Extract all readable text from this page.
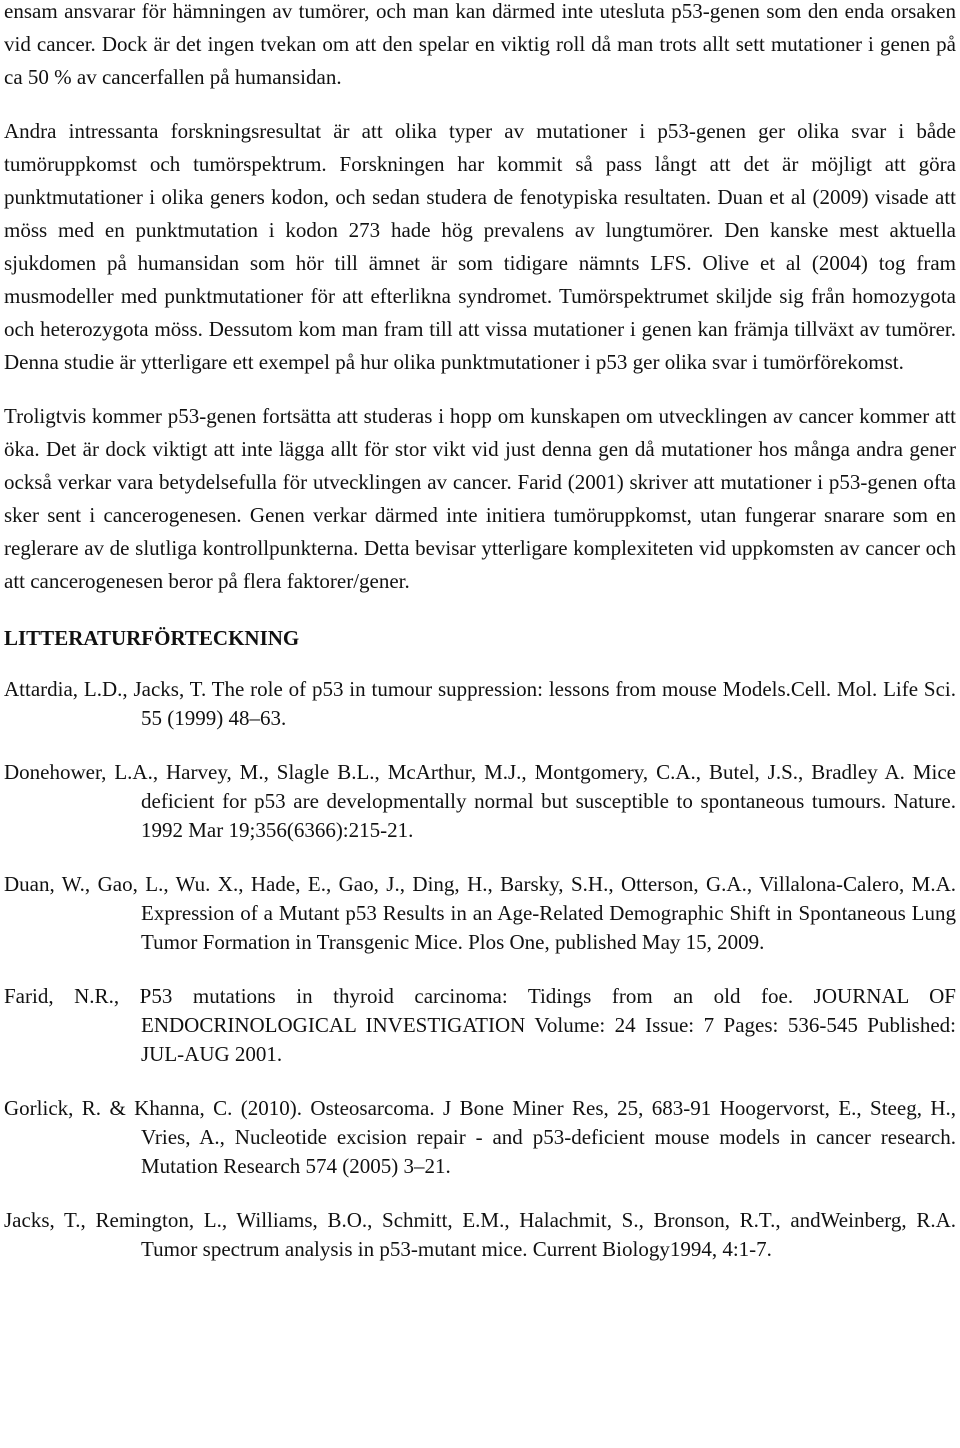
ensam ansvarar för hämningen av tumörer, och man kan därmed inte utesluta p53-genen som den enda orsaken vid cancer. Dock är det ingen tvekan om att den spelar en viktig roll då man trots allt sett mutationer i genen på ca 50 % av cancerfallen på humansidan.

Andra intressanta forskningsresultat är att olika typer av mutationer i p53-genen ger olika svar i både tumöruppkomst och tumörspektrum. Forskningen har kommit så pass långt att det är möjligt att göra punktmutationer i olika geners kodon, och sedan studera de fenotypiska resultaten. Duan et al (2009) visade att möss med en punktmutation i kodon 273 hade hög prevalens av lungtumörer. Den kanske mest aktuella sjukdomen på humansidan som hör till ämnet är som tidigare nämnts LFS. Olive et al (2004) tog fram musmodeller med punktmutationer för att efterlikna syndromet. Tumörspektrumet skiljde sig från homozygota och heterozygota möss. Dessutom kom man fram till att vissa mutationer i genen kan främja tillväxt av tumörer. Denna studie är ytterligare ett exempel på hur olika punktmutationer i p53 ger olika svar i tumörförekomst.

Troligtvis kommer p53-genen fortsätta att studeras i hopp om kunskapen om utvecklingen av cancer kommer att öka. Det är dock viktigt att inte lägga allt för stor vikt vid just denna gen då mutationer hos många andra gener också verkar vara betydelsefulla för utvecklingen av cancer. Farid (2001) skriver att mutationer i p53-genen ofta sker sent i cancerogenesen. Genen verkar därmed inte initiera tumöruppkomst, utan fungerar snarare som en reglerare av de slutliga kontrollpunkterna. Detta bevisar ytterligare komplexiteten vid uppkomsten av cancer och att cancerogenesen beror på flera faktorer/gener.

LITTERATURFÖRTECKNING

Attardia, L.D., Jacks, T. The role of p53 in tumour suppression: lessons from mouse Models.Cell. Mol. Life Sci. 55 (1999) 48–63.

Donehower, L.A., Harvey, M., Slagle B.L., McArthur, M.J., Montgomery, C.A., Butel, J.S., Bradley A. Mice deficient for p53 are developmentally normal but susceptible to spontaneous tumours. Nature. 1992 Mar 19;356(6366):215-21.

Duan, W., Gao, L., Wu. X., Hade, E., Gao, J., Ding, H., Barsky, S.H., Otterson, G.A., Villalona-Calero, M.A. Expression of a Mutant p53 Results in an Age-Related Demographic Shift in Spontaneous Lung Tumor Formation in Transgenic Mice. Plos One, published May 15, 2009.

Farid, N.R., P53 mutations in thyroid carcinoma: Tidings from an old foe. JOURNAL OF ENDOCRINOLOGICAL INVESTIGATION Volume: 24 Issue: 7 Pages: 536-545 Published: JUL-AUG 2001.

Gorlick, R. & Khanna, C. (2010). Osteosarcoma. J Bone Miner Res, 25, 683-91 Hoogervorst, E., Steeg, H., Vries, A., Nucleotide excision repair - and p53-deficient mouse models in cancer research. Mutation Research 574 (2005) 3–21.

Jacks, T., Remington, L., Williams, B.O., Schmitt, E.M., Halachmit, S., Bronson, R.T., andWeinberg, R.A. Tumor spectrum analysis in p53-mutant mice. Current Biology1994, 4:1-7.
